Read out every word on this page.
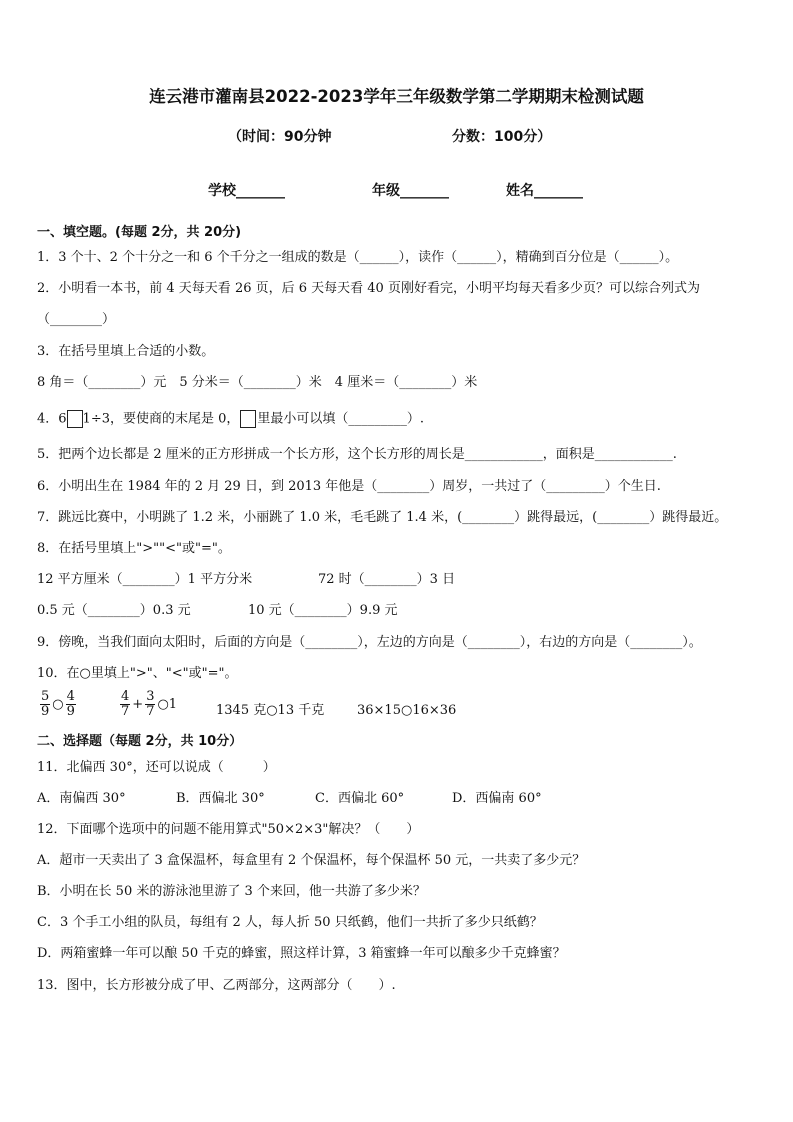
连云港市灌南县2022-2023学年三年级数学第二学期期末检测试题
（时间：90分钟	分数：100分）
学校_______	年级_______	姓名_______
一、填空题。(每题 2分，共 20分)
1．3 个十、2 个十分之一和 6 个千分之一组成的数是（______），读作（______），精确到百分位是（______）。
2．小明看一本书，前 4 天每天看 26 页，后 6 天每天看 40 页刚好看完，小明平均每天看多少页？可以综合列式为
（________）
3．在括号里填上合适的小数。
8 角＝（________）元　5 分米＝（________）米　4 厘米＝（________）米
4．6 1÷3，要使商的末尾是 0， 里最小可以填（_________）.
5．把两个边长都是 2 厘米的正方形拼成一个长方形，这个长方形的周长是____________，面积是____________.
6．小明出生在 1984 年的 2 月 29 日，到 2013 年他是（________）周岁，一共过了（_________）个生日.
7．跳远比赛中，小明跳了 1.2 米，小丽跳了 1.0 米，毛毛跳了 1.4 米，(________）跳得最远，(________）跳得最近。
8．在括号里填上">""<"或"="。
12 平方厘米（________）1 平方分米	72 时（________）3 日
0.5 元（________）0.3 元	10 元（________）9.9 元
9．傍晚，当我们面向太阳时，后面的方向是（________），左边的方向是（________），右边的方向是（________）。
10．在○里填上">"、"<"或"="。
$\frac{5}{9}$ ○ $\frac{4}{9}$	$\frac{4}{7} + \frac{3}{7}$ ○1	1345 克○13 千克	36×15○16×36
二、选择题（每题 2分，共 10分）
11．北偏西 30°，还可以说成（　　　）
A．南偏西 30°	B．西偏北 30°	C．西偏北 60°	D．西偏南 60°
12．下面哪个选项中的问题不能用算式"50×2×3"解决？（　　）
A．超市一天卖出了 3 盒保温杯，每盒里有 2 个保温杯，每个保温杯 50 元，一共卖了多少元？
B．小明在长 50 米的游泳池里游了 3 个来回，他一共游了多少米？
C．3 个手工小组的队员，每组有 2 人，每人折 50 只纸鹤，他们一共折了多少只纸鹤？
D．两箱蜜蜂一年可以酿 50 千克的蜂蜜，照这样计算，3 箱蜜蜂一年可以酿多少千克蜂蜜？
13．图中，长方形被分成了甲、乙两部分，这两部分（　　）.
